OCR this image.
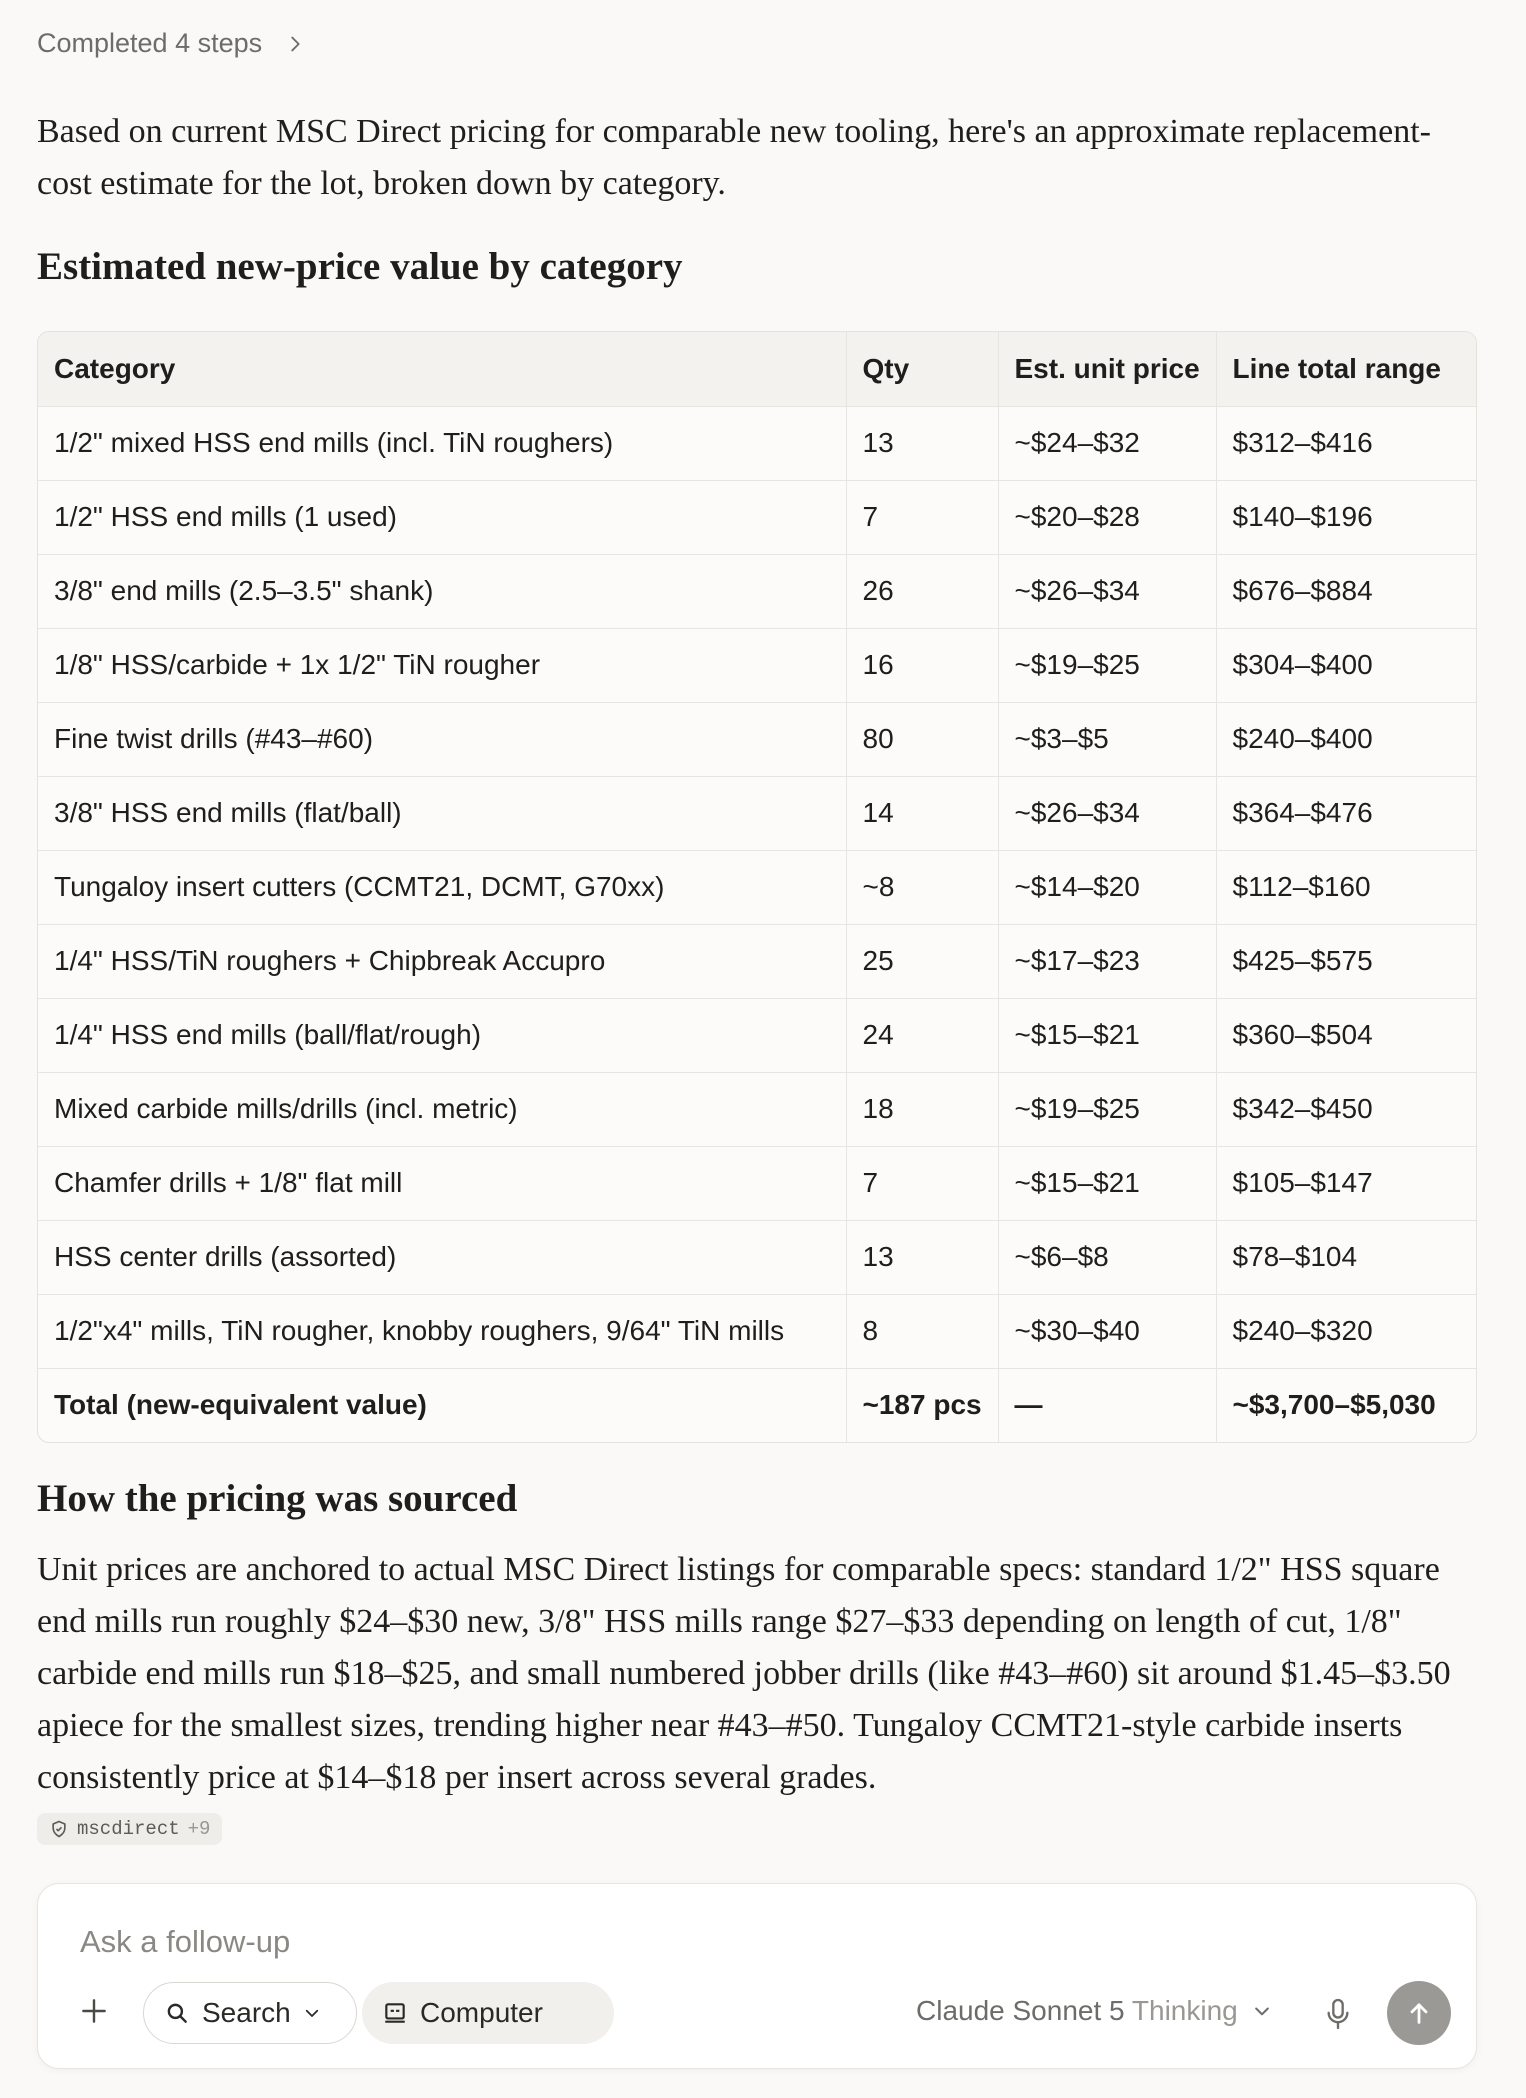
Completed 4 steps

Based on current MSC Direct pricing for comparable new tooling, here's an approximate replacement-cost estimate for the lot, broken down by category.

Estimated new-price value by category
Category	Qty	Est. unit price	Line total range
1/2" mixed HSS end mills (incl. TiN roughers)	13	~$24–$32	$312–$416
1/2" HSS end mills (1 used)	7	~$20–$28	$140–$196
3/8" end mills (2.5–3.5" shank)	26	~$26–$34	$676–$884
1/8" HSS/carbide + 1x 1/2" TiN rougher	16	~$19–$25	$304–$400
Fine twist drills (#43–#60)	80	~$3–$5	$240–$400
3/8" HSS end mills (flat/ball)	14	~$26–$34	$364–$476
Tungaloy insert cutters (CCMT21, DCMT, G70xx)	~8	~$14–$20	$112–$160
1/4" HSS/TiN roughers + Chipbreak Accupro	25	~$17–$23	$425–$575
1/4" HSS end mills (ball/flat/rough)	24	~$15–$21	$360–$504
Mixed carbide mills/drills (incl. metric)	18	~$19–$25	$342–$450
Chamfer drills + 1/8" flat mill	7	~$15–$21	$105–$147
HSS center drills (assorted)	13	~$6–$8	$78–$104
1/2"x4" mills, TiN rougher, knobby roughers, 9/64" TiN mills	8	~$30–$40	$240–$320
Total (new-equivalent value)	~187 pcs	—	~$3,700–$5,030
How the pricing was sourced

Unit prices are anchored to actual MSC Direct listings for comparable specs: standard 1/2" HSS square end mills run roughly $24–$30 new, 3/8" HSS mills range $27–$33 depending on length of cut, 1/8" carbide end mills run $18–$25, and small numbered jobber drills (like #43–#60) sit around $1.45–$3.50 apiece for the smallest sizes, trending higher near #43–#50. Tungaloy CCMT21-style carbide inserts consistently price at $14–$18 per insert across several grades.

mscdirect +9
Ask a follow-up
Search	Computer	Claude Sonnet 5 Thinking
